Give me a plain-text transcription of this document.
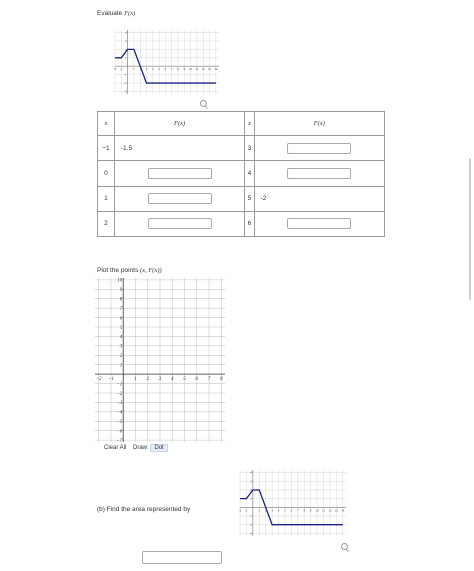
Evaluate F(x)
-2 -1	1 2 3 4 5 6 7 8 9 10 11 12 13 14
4
3
2
1
-1
-2
-3
x	F(x)	x	F(x)
−1	-1.5	3	
0		4	
1		5	-2
2		6	
Plot the points (x, F(x))
−2 −1	1 2 3 4 5 6 7 8
10
9
8
7
6
5
4
3
2
1
−1
−2
−3
−4
−5
−6
−7
Clear All Draw: Dot
(b) Find the area represented by	-2 -1	1 2 3 4 5 6 7 8 9 10 11 12 13 14
4
3
2
1
-1
-2
-3
